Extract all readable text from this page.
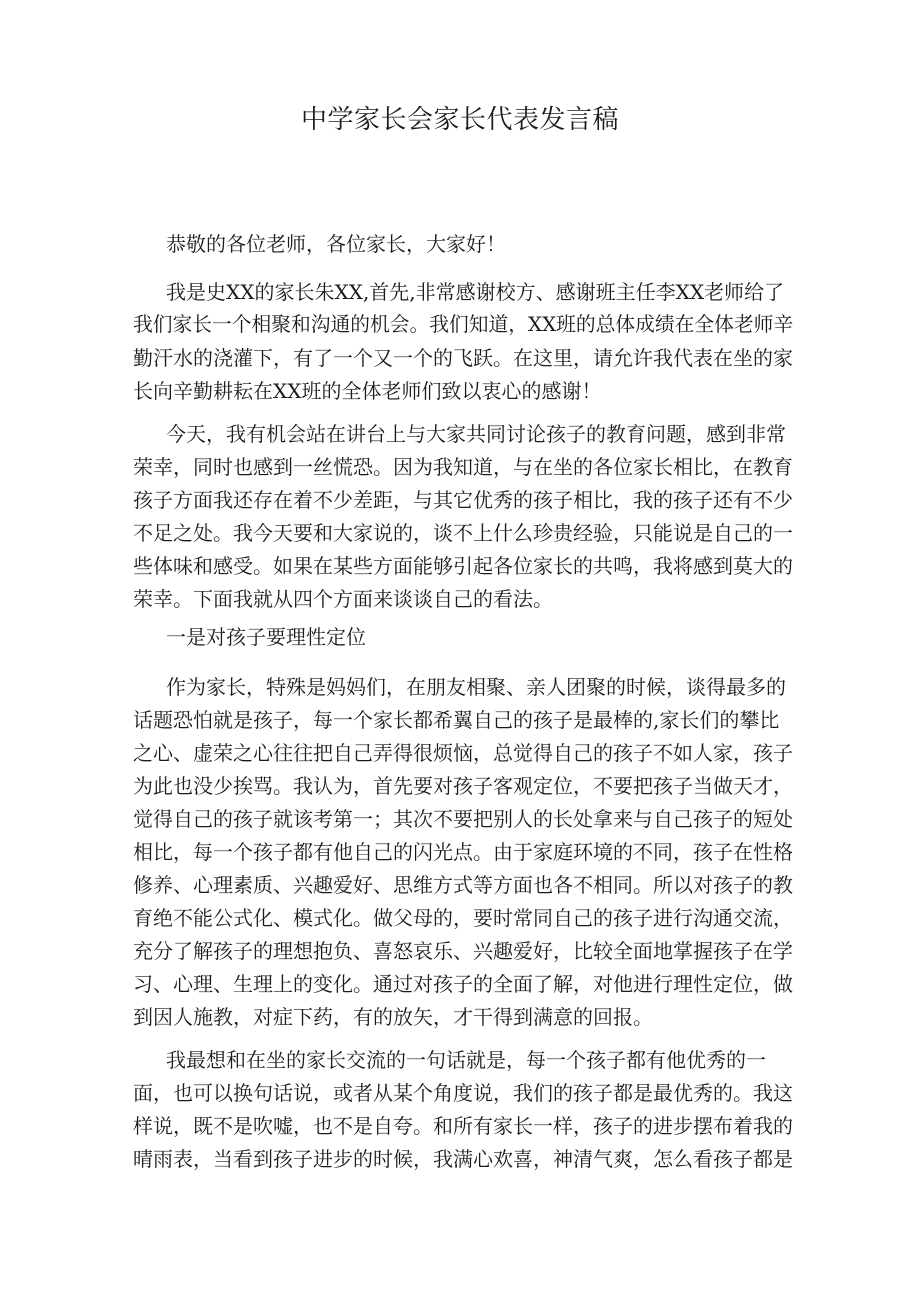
中学家长会家长代表发言稿

恭敬的各位老师，各位家长，大家好！

我是史XX的家长朱XX,首先,非常感谢校方、感谢班主任李XX老师给了

我们家长一个相聚和沟通的机会。我们知道，XX班的总体成绩在全体老师辛

勤汗水的浇灌下，有了一个又一个的飞跃。在这里，请允许我代表在坐的家

长向辛勤耕耘在XX班的全体老师们致以衷心的感谢！

今天，我有机会站在讲台上与大家共同讨论孩子的教育问题，感到非常

荣幸，同时也感到一丝慌恐。因为我知道，与在坐的各位家长相比，在教育

孩子方面我还存在着不少差距，与其它优秀的孩子相比，我的孩子还有不少

不足之处。我今天要和大家说的，谈不上什么珍贵经验，只能说是自己的一

些体味和感受。如果在某些方面能够引起各位家长的共鸣，我将感到莫大的

荣幸。下面我就从四个方面来谈谈自己的看法。

一是对孩子要理性定位

作为家长，特殊是妈妈们，在朋友相聚、亲人团聚的时候，谈得最多的

话题恐怕就是孩子，每一个家长都希翼自己的孩子是最棒的,家长们的攀比

之心、虚荣之心往往把自己弄得很烦恼，总觉得自己的孩子不如人家，孩子

为此也没少挨骂。我认为，首先要对孩子客观定位，不要把孩子当做天才，

觉得自己的孩子就该考第一；其次不要把别人的长处拿来与自己孩子的短处

相比，每一个孩子都有他自己的闪光点。由于家庭环境的不同，孩子在性格

修养、心理素质、兴趣爱好、思维方式等方面也各不相同。所以对孩子的教

育绝不能公式化、模式化。做父母的，要时常同自己的孩子进行沟通交流，

充分了解孩子的理想抱负、喜怒哀乐、兴趣爱好，比较全面地掌握孩子在学

习、心理、生理上的变化。通过对孩子的全面了解，对他进行理性定位，做

到因人施教，对症下药，有的放矢，才干得到满意的回报。

我最想和在坐的家长交流的一句话就是，每一个孩子都有他优秀的一

面，也可以换句话说，或者从某个角度说，我们的孩子都是最优秀的。我这

样说，既不是吹嘘，也不是自夸。和所有家长一样，孩子的进步摆布着我的

晴雨表，当看到孩子进步的时候，我满心欢喜，神清气爽，怎么看孩子都是
